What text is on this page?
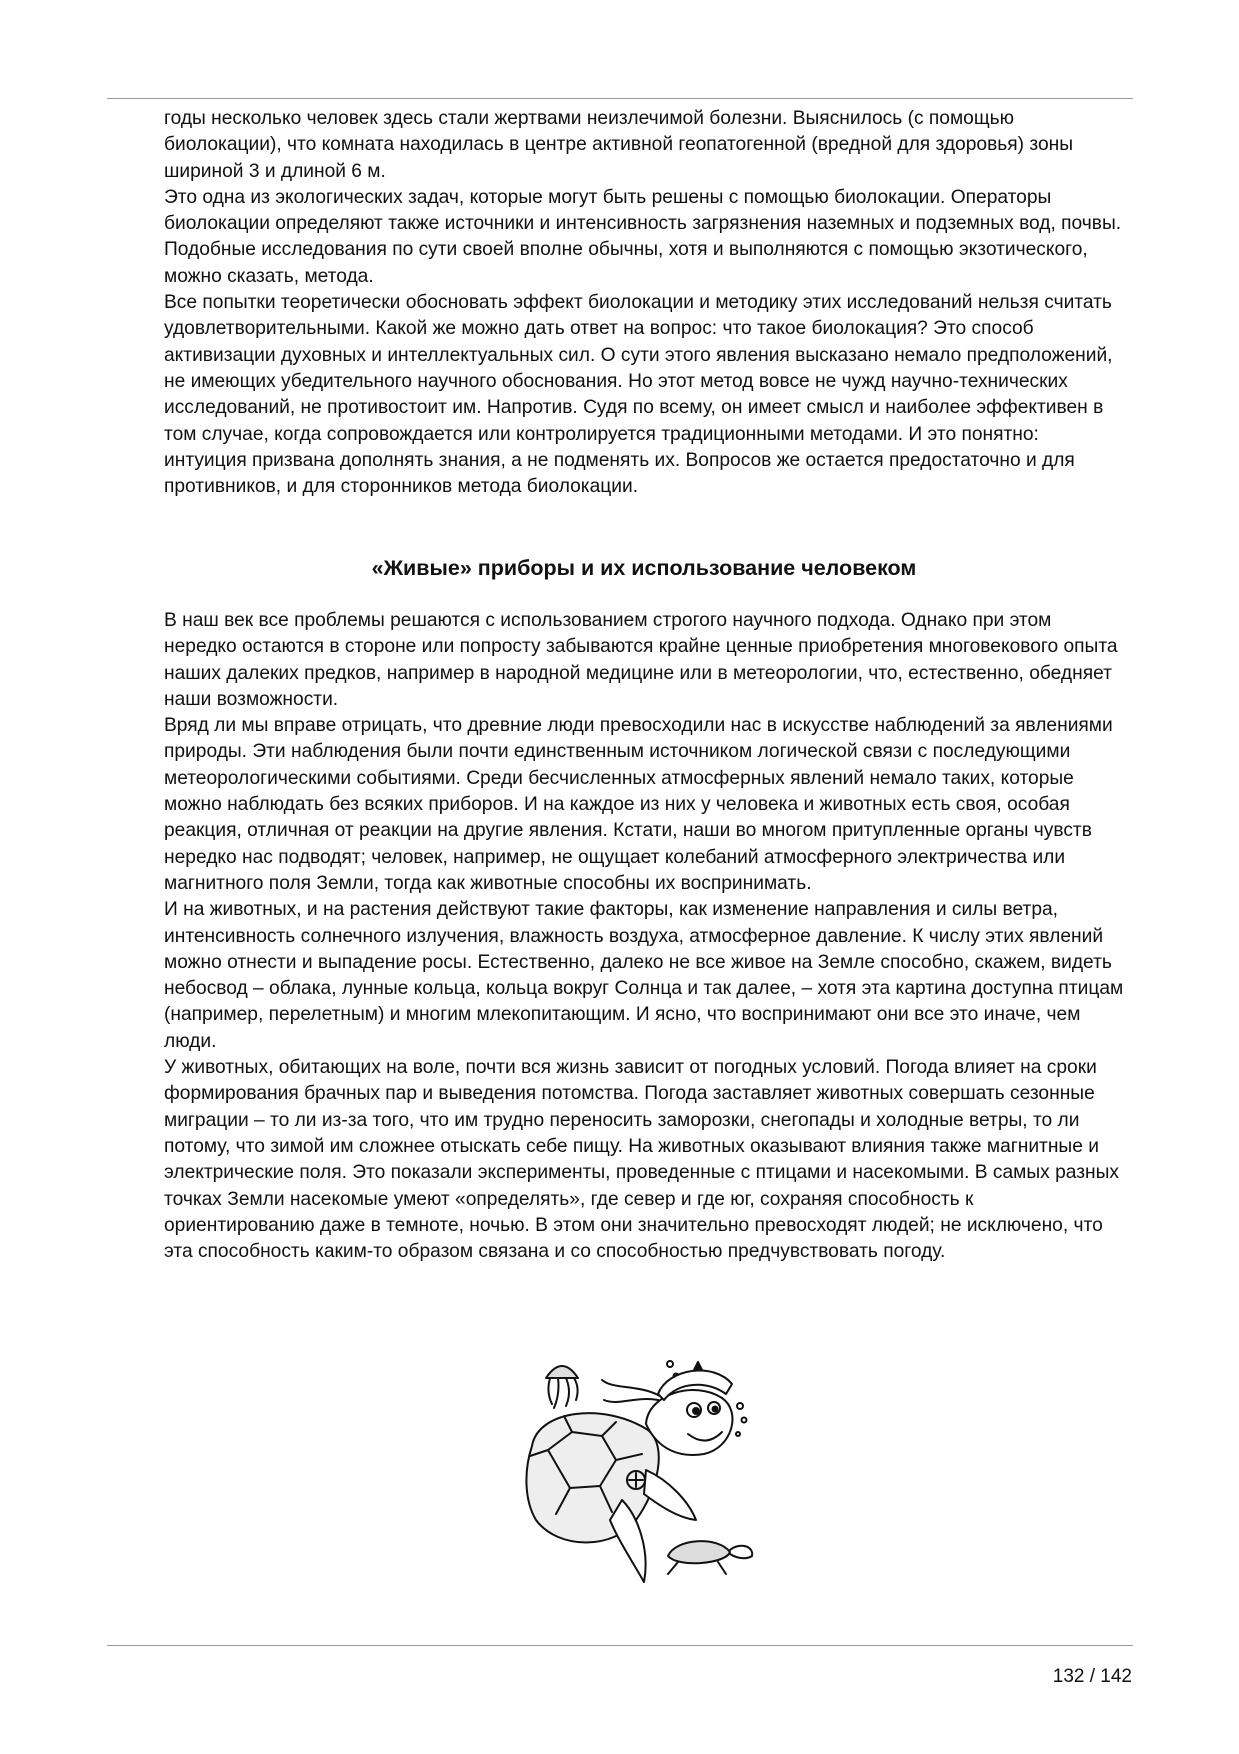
годы несколько человек здесь стали жертвами неизлечимой болезни. Выяснилось (с помощью биолокации), что комната находилась в центре активной геопатогенной (вредной для здоровья) зоны шириной 3 и длиной 6 м.

Это одна из экологических задач, которые могут быть решены с помощью биолокации. Операторы биолокации определяют также источники и интенсивность загрязнения наземных и подземных вод, почвы. Подобные исследования по сути своей вполне обычны, хотя и выполняются с помощью экзотического, можно сказать, метода.

Все попытки теоретически обосновать эффект биолокации и методику этих исследований нельзя считать удовлетворительными. Какой же можно дать ответ на вопрос: что такое биолокация? Это способ активизации духовных и интеллектуальных сил. О сути этого явления высказано немало предположений, не имеющих убедительного научного обоснования. Но этот метод вовсе не чужд научно-технических исследований, не противостоит им. Напротив. Судя по всему, он имеет смысл и наиболее эффективен в том случае, когда сопровождается или контролируется традиционными методами. И это понятно: интуиция призвана дополнять знания, а не подменять их. Вопросов же остается предостаточно и для противников, и для сторонников метода биолокации.

«Живые» приборы и их использование человеком

В наш век все проблемы решаются с использованием строгого научного подхода. Однако при этом нередко остаются в стороне или попросту забываются крайне ценные приобретения многовекового опыта наших далеких предков, например в народной медицине или в метеорологии, что, естественно, обедняет наши возможности.

Вряд ли мы вправе отрицать, что древние люди превосходили нас в искусстве наблюдений за явлениями природы. Эти наблюдения были почти единственным источником логической связи с последующими метеорологическими событиями. Среди бесчисленных атмосферных явлений немало таких, которые можно наблюдать без всяких приборов. И на каждое из них у человека и животных есть своя, особая реакция, отличная от реакции на другие явления. Кстати, наши во многом притупленные органы чувств нередко нас подводят; человек, например, не ощущает колебаний атмосферного электричества или магнитного поля Земли, тогда как животные способны их воспринимать.

И на животных, и на растения действуют такие факторы, как изменение направления и силы ветра, интенсивность солнечного излучения, влажность воздуха, атмосферное давление. К числу этих явлений можно отнести и выпадение росы. Естественно, далеко не все живое на Земле способно, скажем, видеть небосвод – облака, лунные кольца, кольца вокруг Солнца и так далее, – хотя эта картина доступна птицам (например, перелетным) и многим млекопитающим. И ясно, что воспринимают они все это иначе, чем люди.

У животных, обитающих на воле, почти вся жизнь зависит от погодных условий. Погода влияет на сроки формирования брачных пар и выведения потомства. Погода заставляет животных совершать сезонные миграции – то ли из-за того, что им трудно переносить заморозки, снегопады и холодные ветры, то ли потому, что зимой им сложнее отыскать себе пищу. На животных оказывают влияния также магнитные и электрические поля. Это показали эксперименты, проведенные с птицами и насекомыми. В самых разных точках Земли насекомые умеют «определять», где север и где юг, сохраняя способность к ориентированию даже в темноте, ночью. В этом они значительно превосходят людей; не исключено, что эта способность каким-то образом связана и со способностью предчувствовать погоду.

132 / 142
